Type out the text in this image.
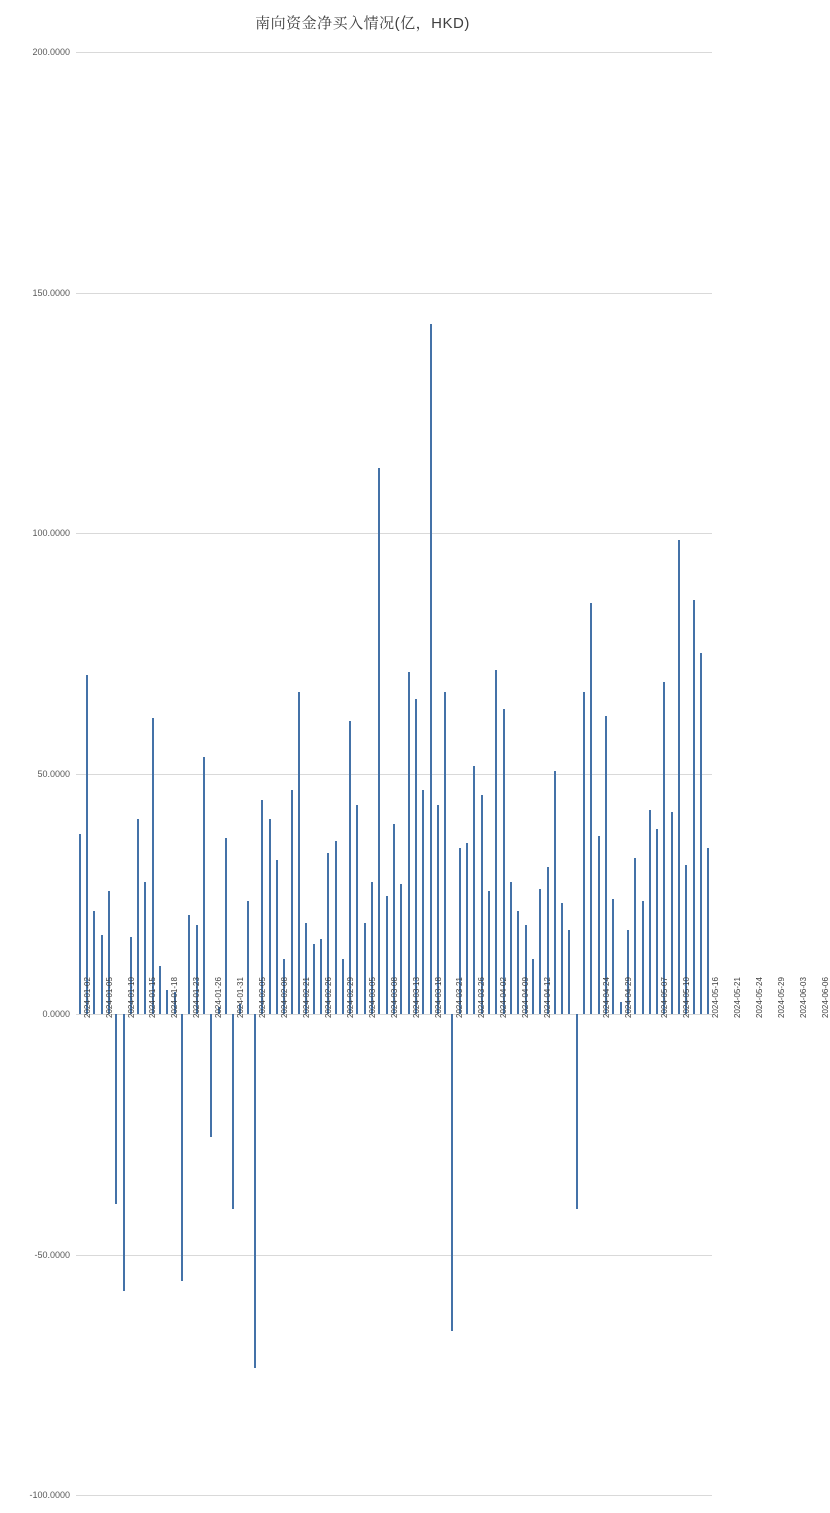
南向资金净买入情况(亿，HKD)
200.0000
150.0000
100.0000
50.0000
0.0000
-50.0000
-100.0000
2024-01-02 2024-01-05 2024-01-10 2024-01-15 2024-01-18 2024-01-23 2024-01-26 2024-01-31 2024-02-05 2024-02-08 2024-02-21 2024-02-26 2024-02-29 2024-03-05 2024-03-08 2024-03-13 2024-03-18 2024-03-21 2024-03-26 2024-04-02 2024-04-09 2024-04-12	2024-04-24 2024-04-29	2024-05-07 2024-05-10	2024-05-16 2024-05-21 2024-05-24 2024-05-29 2024-06-03 2024-06-06
